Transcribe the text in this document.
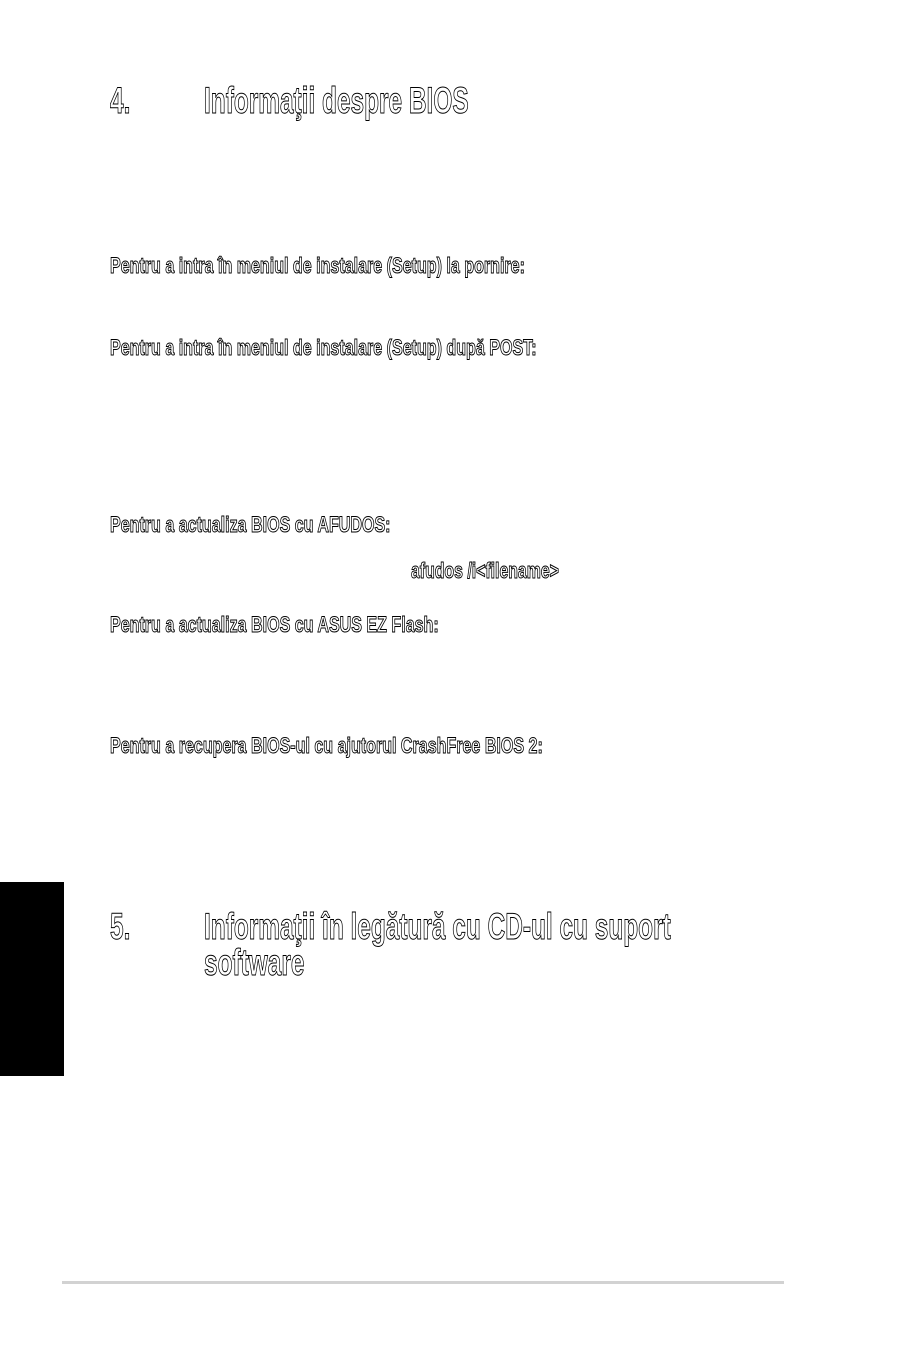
4. Informaţii despre BIOS
Pentru a intra în meniul de instalare (Setup) la pornire:
Pentru a intra în meniul de instalare (Setup) după POST:
Pentru a actualiza BIOS cu AFUDOS:
afudos /i<filename>
Pentru a actualiza BIOS cu ASUS EZ Flash:
Pentru a recupera BIOS-ul cu ajutorul CrashFree BIOS 2:
5. Informaţii în legătură cu CD-ul cu suport
software
